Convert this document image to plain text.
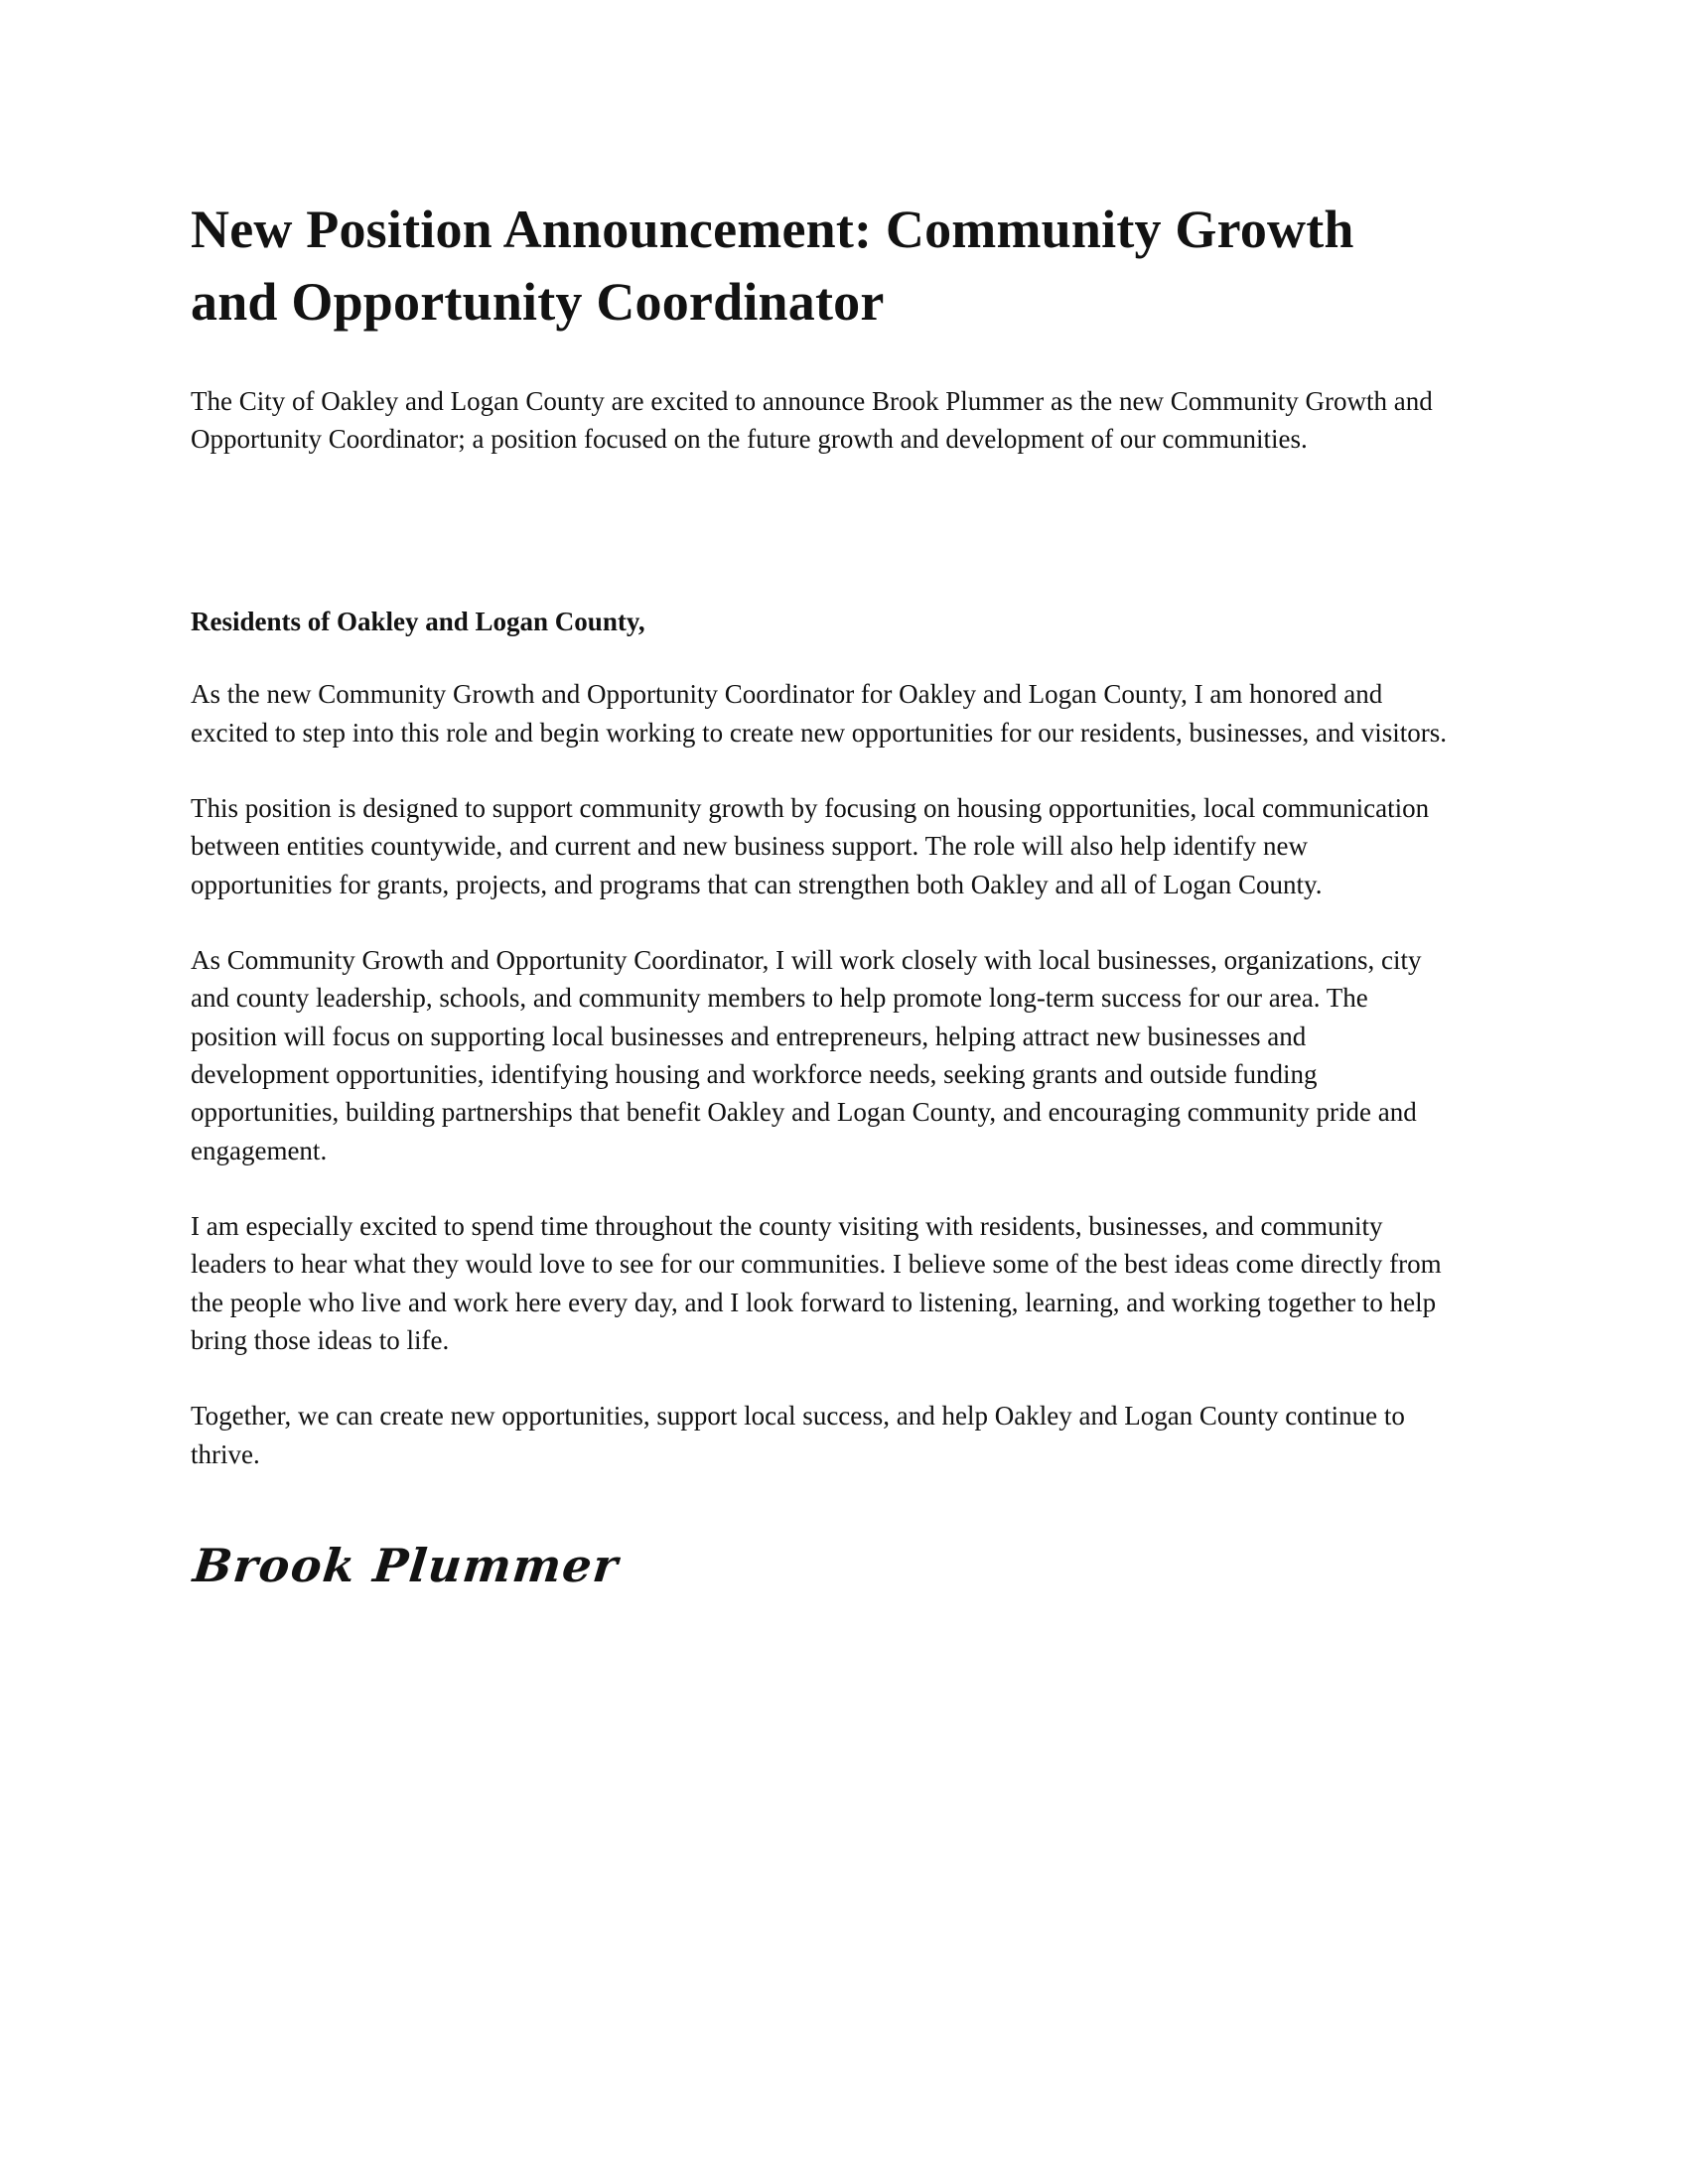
New Position Announcement: Community Growth and Opportunity Coordinator

The City of Oakley and Logan County are excited to announce Brook Plummer as the new Community Growth and Opportunity Coordinator; a position focused on the future growth and development of our communities.

Residents of Oakley and Logan County,

As the new Community Growth and Opportunity Coordinator for Oakley and Logan County, I am honored and excited to step into this role and begin working to create new opportunities for our residents, businesses, and visitors.

This position is designed to support community growth by focusing on housing opportunities, local communication between entities countywide, and current and new business support. The role will also help identify new opportunities for grants, projects, and programs that can strengthen both Oakley and all of Logan County.

As Community Growth and Opportunity Coordinator, I will work closely with local businesses, organizations, city and county leadership, schools, and community members to help promote long-term success for our area. The position will focus on supporting local businesses and entrepreneurs, helping attract new businesses and development opportunities, identifying housing and workforce needs, seeking grants and outside funding opportunities, building partnerships that benefit Oakley and Logan County, and encouraging community pride and engagement.

I am especially excited to spend time throughout the county visiting with residents, businesses, and community leaders to hear what they would love to see for our communities. I believe some of the best ideas come directly from the people who live and work here every day, and I look forward to listening, learning, and working together to help bring those ideas to life.

Together, we can create new opportunities, support local success, and help Oakley and Logan County continue to thrive.

Brook Plummer
